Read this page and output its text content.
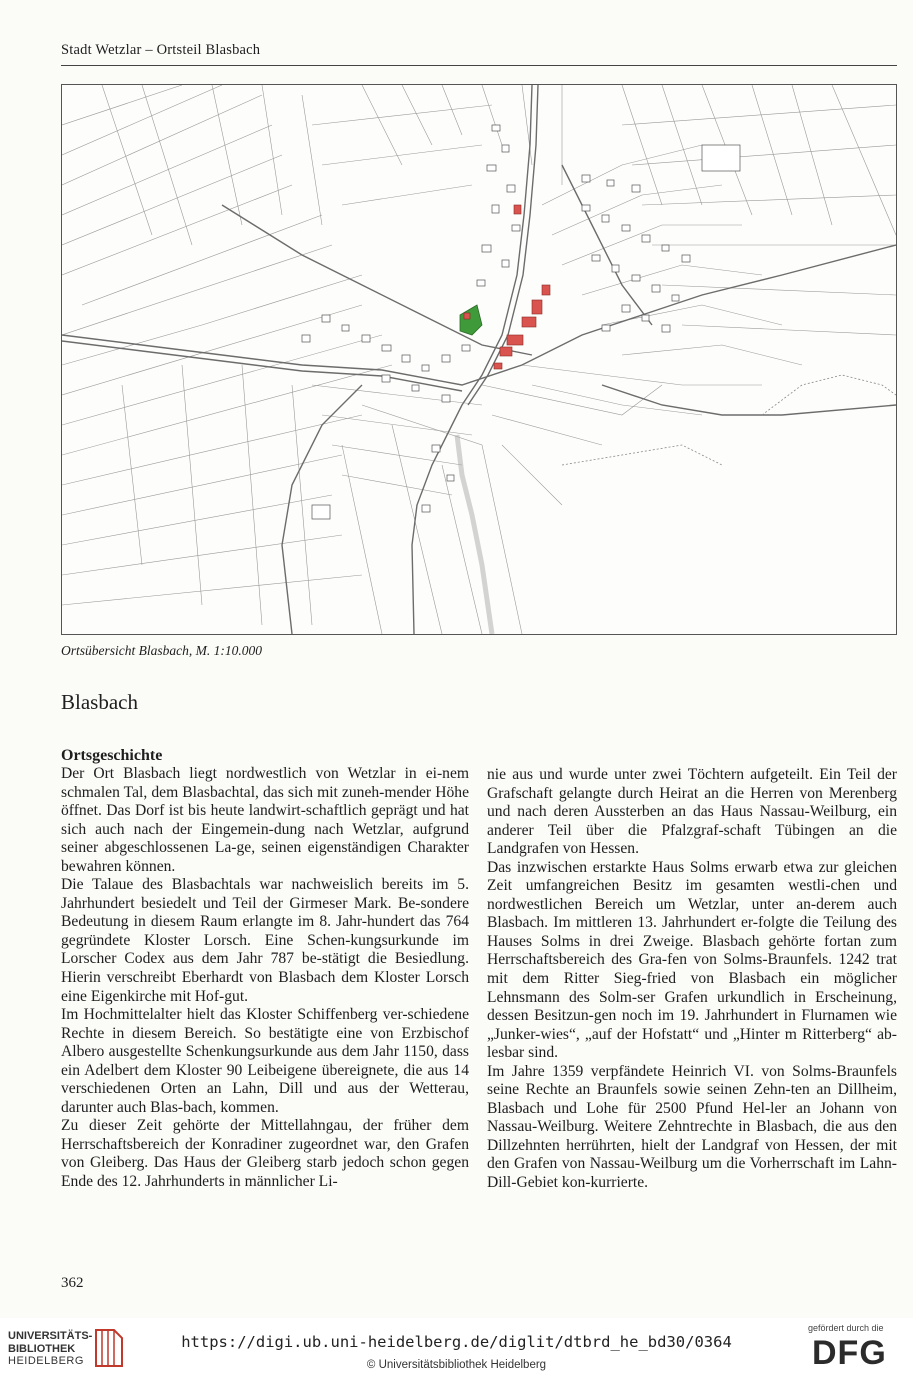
Stadt Wetzlar – Ortsteil Blasbach
Ortsübersicht Blasbach, M. 1:10.000
Blasbach

Ortsgeschichte

Der Ort Blasbach liegt nordwestlich von Wetzlar in ei-nem schmalen Tal, dem Blasbachtal, das sich mit zuneh-mender Höhe öffnet. Das Dorf ist bis heute landwirt-schaftlich geprägt und hat sich auch nach der Eingemein-dung nach Wetzlar, aufgrund seiner abgeschlossenen La-ge, seinen eigenständigen Charakter bewahren können.

Die Talaue des Blasbachtals war nachweislich bereits im 5. Jahrhundert besiedelt und Teil der Girmeser Mark. Be-sondere Bedeutung in diesem Raum erlangte im 8. Jahr-hundert das 764 gegründete Kloster Lorsch. Eine Schen-kungsurkunde im Lorscher Codex aus dem Jahr 787 be-stätigt die Besiedlung. Hierin verschreibt Eberhardt von Blasbach dem Kloster Lorsch eine Eigenkirche mit Hof-gut.

Im Hochmittelalter hielt das Kloster Schiffenberg ver-schiedene Rechte in diesem Bereich. So bestätigte eine von Erzbischof Albero ausgestellte Schenkungsurkunde aus dem Jahr 1150, dass ein Adelbert dem Kloster 90 Leibeigene übereignete, die aus 14 verschiedenen Orten an Lahn, Dill und aus der Wetterau, darunter auch Blas-bach, kommen.

Zu dieser Zeit gehörte der Mittellahngau, der früher dem Herrschaftsbereich der Konradiner zugeordnet war, den Grafen von Gleiberg. Das Haus der Gleiberg starb jedoch schon gegen Ende des 12. Jahrhunderts in männlicher Li-

nie aus und wurde unter zwei Töchtern aufgeteilt. Ein Teil der Grafschaft gelangte durch Heirat an die Herren von Merenberg und nach deren Aussterben an das Haus Nassau-Weilburg, ein anderer Teil über die Pfalzgraf-schaft Tübingen an die Landgrafen von Hessen.

Das inzwischen erstarkte Haus Solms erwarb etwa zur gleichen Zeit umfangreichen Besitz im gesamten westli-chen und nordwestlichen Bereich um Wetzlar, unter an-derem auch Blasbach. Im mittleren 13. Jahrhundert er-folgte die Teilung des Hauses Solms in drei Zweige. Blasbach gehörte fortan zum Herrschaftsbereich des Gra-fen von Solms-Braunfels. 1242 trat mit dem Ritter Sieg-fried von Blasbach ein möglicher Lehnsmann des Solm-ser Grafen urkundlich in Erscheinung, dessen Besitzun-gen noch im 19. Jahrhundert in Flurnamen wie „Junker-wies“, „auf der Hofstatt“ und „Hinter m Ritterberg“ ab-lesbar sind.

Im Jahre 1359 verpfändete Heinrich VI. von Solms-Braunfels seine Rechte an Braunfels sowie seinen Zehn-ten an Dillheim, Blasbach und Lohe für 2500 Pfund Hel-ler an Johann von Nassau-Weilburg. Weitere Zehntrechte in Blasbach, die aus den Dillzehnten herrührten, hielt der Landgraf von Hessen, der mit den Grafen von Nassau-Weilburg um die Vorherrschaft im Lahn-Dill-Gebiet kon-kurrierte.

362
UNIVERSITÄTS-
BIBLIOTHEK
HEIDELBERG
https://digi.ub.uni-heidelberg.de/diglit/dtbrd_he_bd30/0364
© Universitätsbibliothek Heidelberg
gefördert durch die
DFG
